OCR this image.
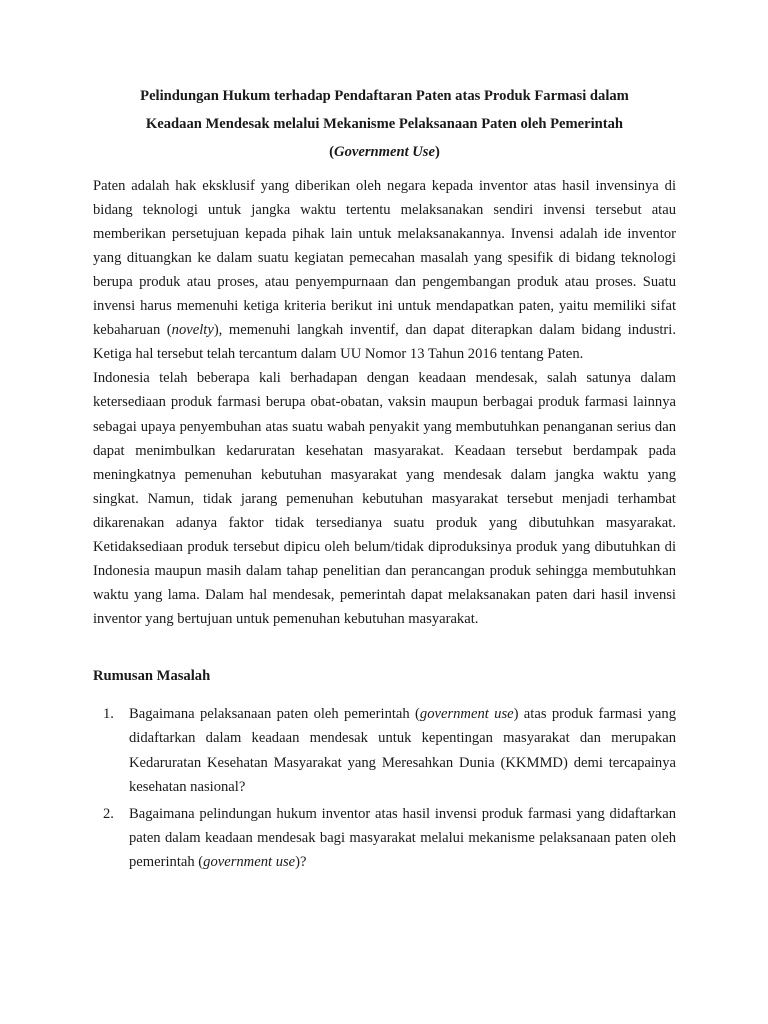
Pelindungan Hukum terhadap Pendaftaran Paten atas Produk Farmasi dalam
Keadaan Mendesak melalui Mekanisme Pelaksanaan Paten oleh Pemerintah
(Government Use)

Paten adalah hak eksklusif yang diberikan oleh negara kepada inventor atas hasil invensinya di bidang teknologi untuk jangka waktu tertentu melaksanakan sendiri invensi tersebut atau memberikan persetujuan kepada pihak lain untuk melaksanakannya. Invensi adalah ide inventor yang dituangkan ke dalam suatu kegiatan pemecahan masalah yang spesifik di bidang teknologi berupa produk atau proses, atau penyempurnaan dan pengembangan produk atau proses. Suatu invensi harus memenuhi ketiga kriteria berikut ini untuk mendapatkan paten, yaitu memiliki sifat kebaharuan (novelty), memenuhi langkah inventif, dan dapat diterapkan dalam bidang industri. Ketiga hal tersebut telah tercantum dalam UU Nomor 13 Tahun 2016 tentang Paten.

Indonesia telah beberapa kali berhadapan dengan keadaan mendesak, salah satunya dalam ketersediaan produk farmasi berupa obat-obatan, vaksin maupun berbagai produk farmasi lainnya sebagai upaya penyembuhan atas suatu wabah penyakit yang membutuhkan penanganan serius dan dapat menimbulkan kedaruratan kesehatan masyarakat. Keadaan tersebut berdampak pada meningkatnya pemenuhan kebutuhan masyarakat yang mendesak dalam jangka waktu yang singkat. Namun, tidak jarang pemenuhan kebutuhan masyarakat tersebut menjadi terhambat dikarenakan adanya faktor tidak tersedianya suatu produk yang dibutuhkan masyarakat. Ketidaksediaan produk tersebut dipicu oleh belum/tidak diproduksinya produk yang dibutuhkan di Indonesia maupun masih dalam tahap penelitian dan perancangan produk sehingga membutuhkan waktu yang lama. Dalam hal mendesak, pemerintah dapat melaksanakan paten dari hasil invensi inventor yang bertujuan untuk pemenuhan kebutuhan masyarakat.

Rumusan Masalah
1.	Bagaimana pelaksanaan paten oleh pemerintah (government use) atas produk farmasi yang didaftarkan dalam keadaan mendesak untuk kepentingan masyarakat dan merupakan Kedaruratan Kesehatan Masyarakat yang Meresahkan Dunia (KKMMD) demi tercapainya kesehatan nasional?
2.	Bagaimana pelindungan hukum inventor atas hasil invensi produk farmasi yang didaftarkan paten dalam keadaan mendesak bagi masyarakat melalui mekanisme pelaksanaan paten oleh pemerintah (government use)?
